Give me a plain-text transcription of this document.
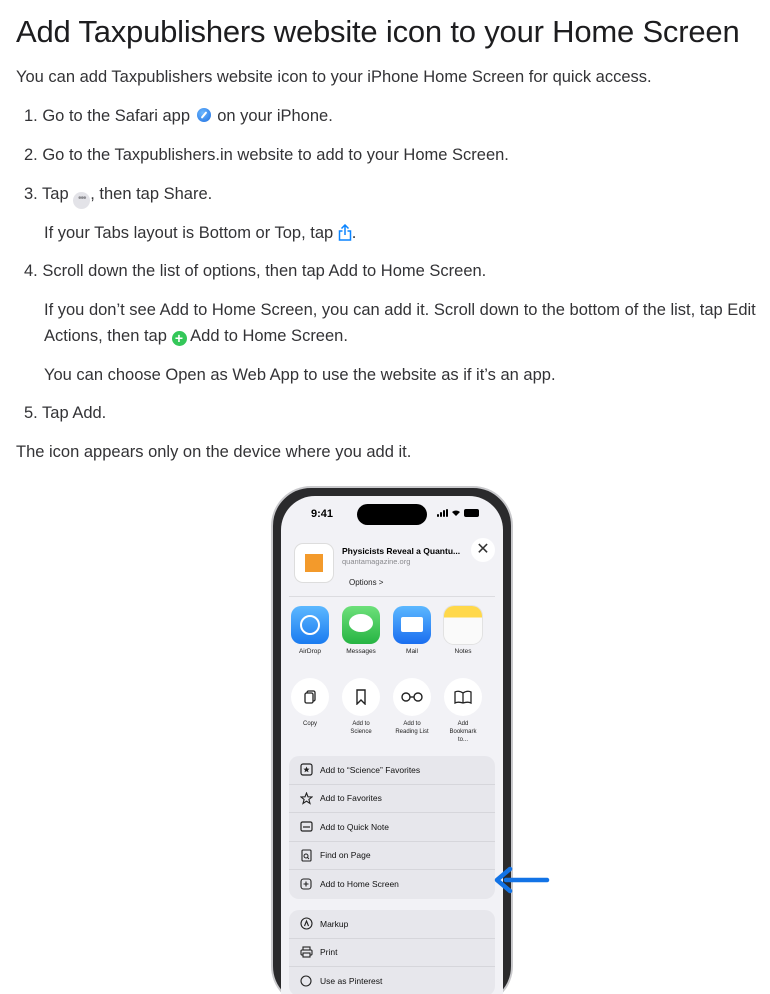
Add Taxpublishers website icon to your Home Screen
You can add Taxpublishers website icon to your iPhone Home Screen for quick access.
1. Go to the Safari app  on your iPhone.
2. Go to the Taxpublishers.in website to add to your Home Screen.
3. Tap ••• , then tap Share.
If your Tabs layout is Bottom or Top, tap .
4. Scroll down the list of options, then tap Add to Home Screen.
If you don’t see Add to Home Screen, you can add it. Scroll down to the bottom of the list, tap Edit Actions, then tap + Add to Home Screen.
You can choose Open as Web App to use the website as if it’s an app.
5. Tap Add.
The icon appears only on the device where you add it.
9:41
Physicists Reveal a Quantu...
quantamagazine.org
✕
Options >
AirDrop	Messages	Mail	Notes
Copy	Add to
Science
Add to
Reading List
Add
Bookmark to...
Add to “Science” Favorites
Add to Favorites
Add to Quick Note
Find on Page
Add to Home Screen
Markup
Print
Use as Pinterest
